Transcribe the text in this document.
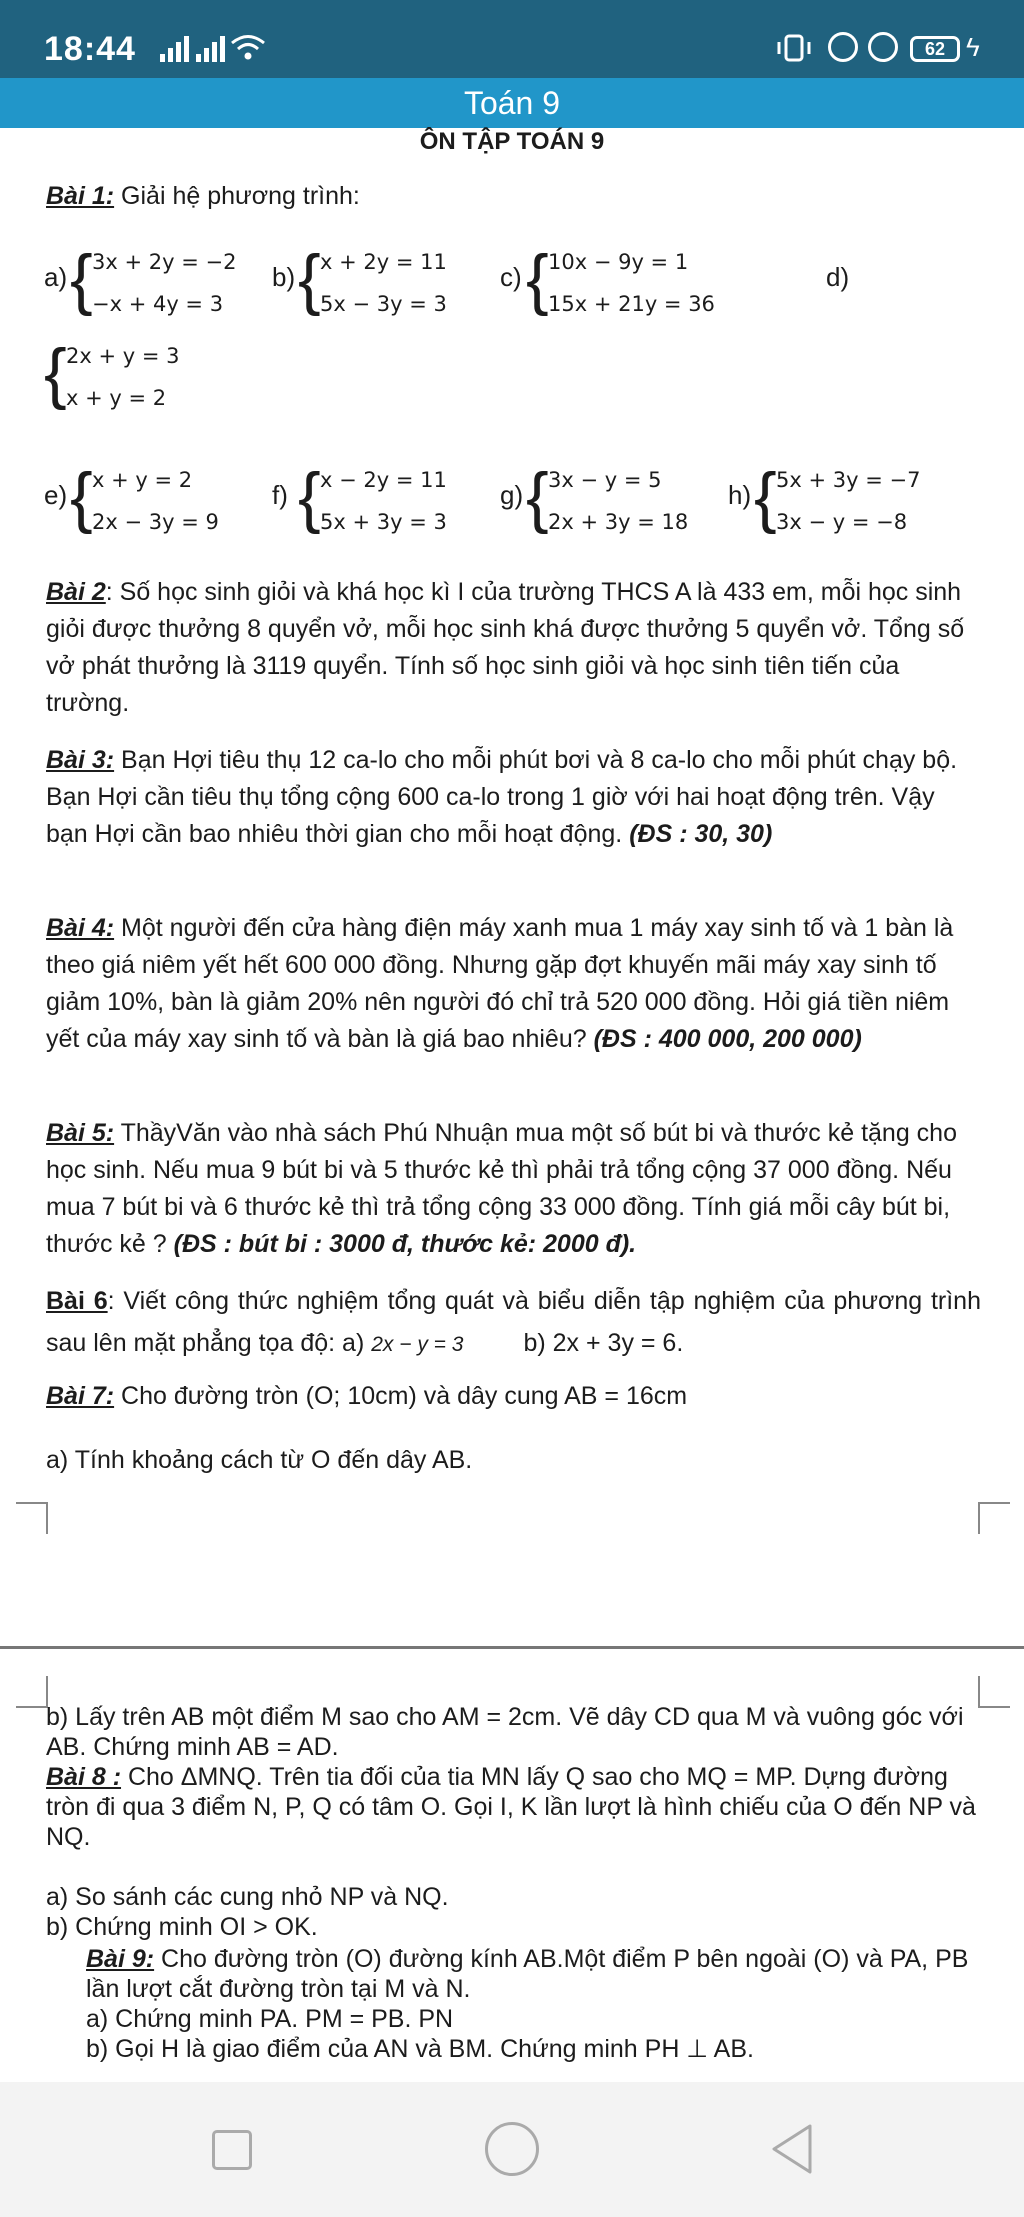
18:44	62 ϟ
Toán 9
ÔN TẬP TOÁN 9
Bài 1: Giải hệ phương trình:
a) { 3x + 2y = −2
−x + 4y = 3
b) { x + 2y = 11
5x − 3y = 3
c) { 10x − 9y = 1
15x + 21y = 36
d)
{ 2x + y = 3
x + y = 2
e) { x + y = 2
2x − 3y = 9
f) { x − 2y = 11
5x + 3y = 3
g) { 3x − y = 5
2x + 3y = 18
h) { 5x + 3y = −7
3x − y = −8
Bài 2: Số học sinh giỏi và khá học kì I của trường THCS A là 433 em, mỗi học sinh giỏi được thưởng 8 quyển vở, mỗi học sinh khá được thưởng 5 quyển vở. Tổng số vở phát thưởng là 3119 quyển. Tính số học sinh giỏi và học sinh tiên tiến của trường.
Bài 3: Bạn Hợi tiêu thụ 12 ca-lo cho mỗi phút bơi và 8 ca-lo cho mỗi phút chạy bộ. Bạn Hợi cần tiêu thụ tổng cộng 600 ca-lo trong 1 giờ với hai hoạt động trên. Vậy bạn Hợi cần bao nhiêu thời gian cho mỗi hoạt động. (ĐS : 30, 30)
Bài 4: Một người đến cửa hàng điện máy xanh mua 1 máy xay sinh tố và 1 bàn là theo giá niêm yết hết 600 000 đồng. Nhưng gặp đợt khuyến mãi máy xay sinh tố giảm 10%, bàn là giảm 20% nên người đó chỉ trả 520 000 đồng. Hỏi giá tiền niêm yết của máy xay sinh tố và bàn là giá bao nhiêu? (ĐS : 400 000, 200 000)
Bài 5: ThầyVăn vào nhà sách Phú Nhuận mua một số bút bi và thước kẻ tặng cho học sinh. Nếu mua 9 bút bi và 5 thước kẻ thì phải trả tổng cộng 37 000 đồng. Nếu mua 7 bút bi và 6 thước kẻ thì trả tổng cộng 33 000 đồng. Tính giá mỗi cây bút bi, thước kẻ ? (ĐS : bút bi : 3000 đ, thước kẻ: 2000 đ).
Bài 6: Viết công thức nghiệm tổng quát và biểu diễn tập nghiệm của phương trình sau lên mặt phẳng tọa độ: a) 2x − y = 3 b) 2x + 3y = 6.
Bài 7: Cho đường tròn (O; 10cm) và dây cung AB = 16cm
a) Tính khoảng cách từ O đến dây AB.
b) Lấy trên AB một điểm M sao cho AM = 2cm. Vẽ dây CD qua M và vuông góc với AB. Chứng minh AB = AD.
Bài 8 : Cho ΔMNQ. Trên tia đối của tia MN lấy Q sao cho MQ = MP. Dựng đường tròn đi qua 3 điểm N, P, Q có tâm O. Gọi I, K lần lượt là hình chiếu của O đến NP và NQ.
a) So sánh các cung nhỏ NP và NQ.
b) Chứng minh OI > OK.
Bài 9: Cho đường tròn (O) đường kính AB.Một điểm P bên ngoài (O) và PA, PB lần lượt cắt đường tròn tại M và N.
a) Chứng minh PA. PM = PB. PN
b) Gọi H là giao điểm của AN và BM. Chứng minh PH ⊥ AB.
